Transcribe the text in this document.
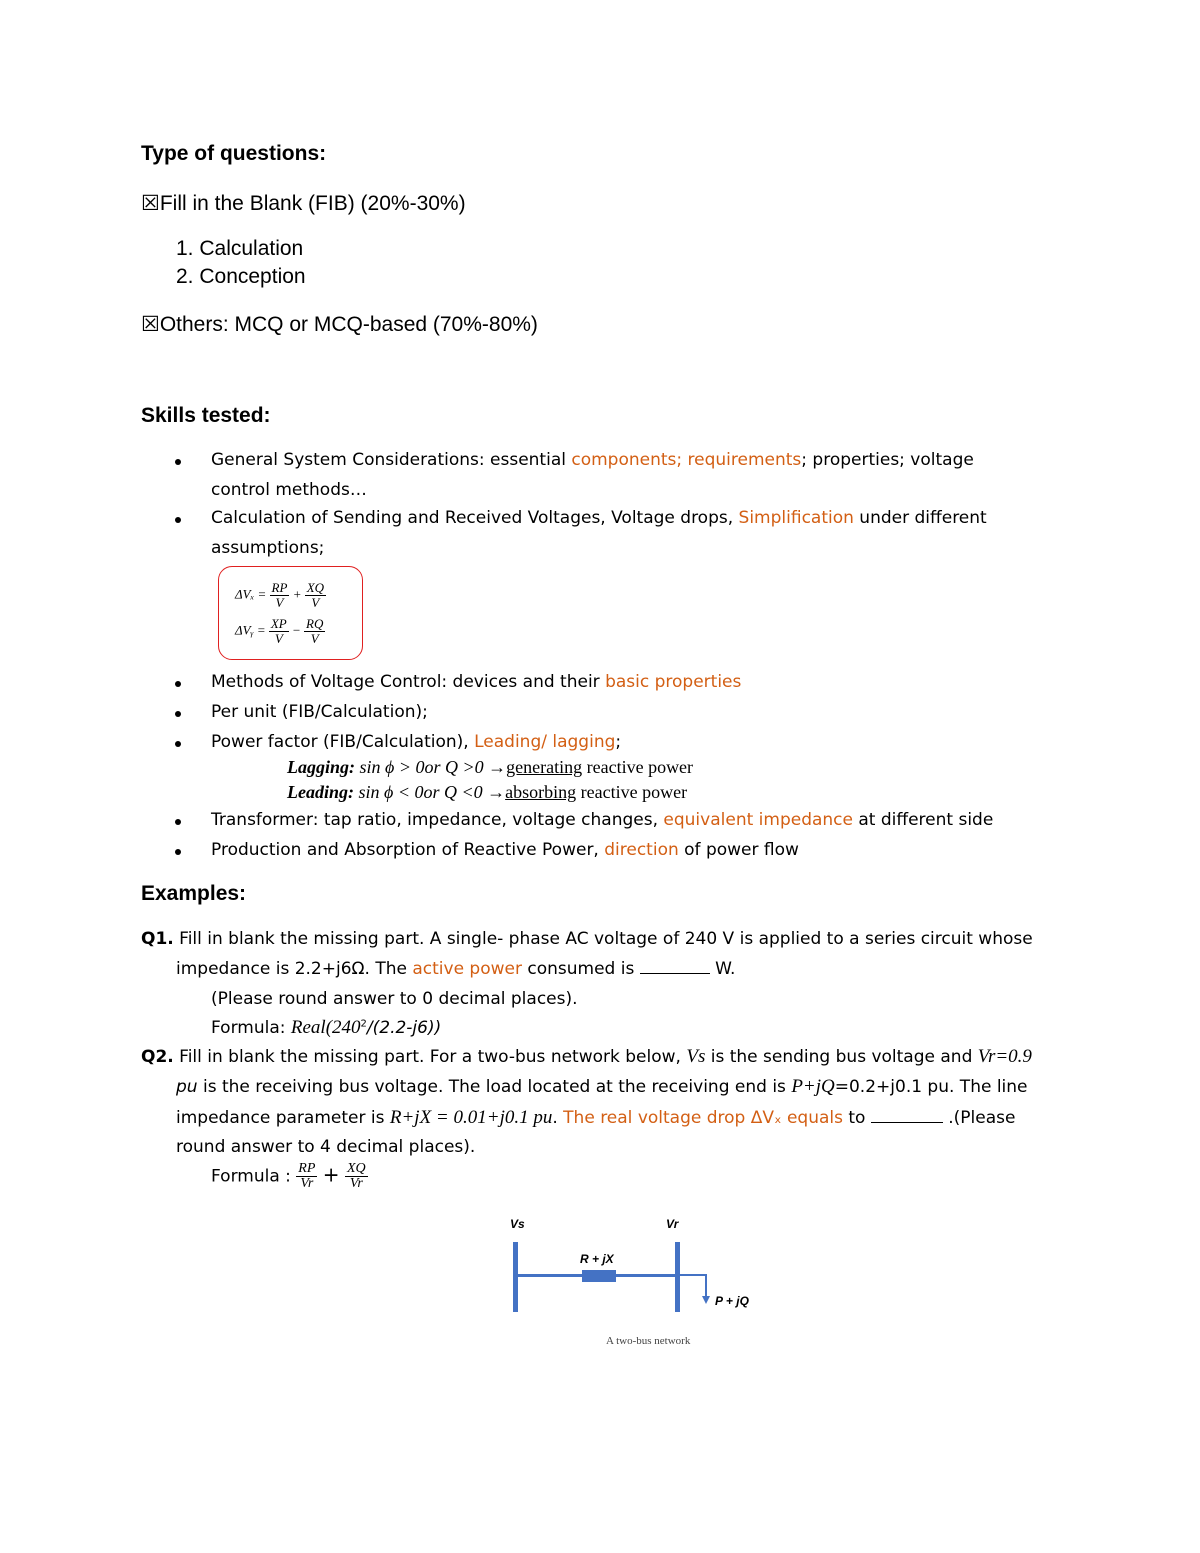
Type of questions:
☒Fill in the Blank (FIB) (20%-30%)
1. Calculation
2. Conception
☒Others: MCQ or MCQ-based (70%-80%)
Skills tested:
General System Considerations: essential components; requirements; properties; voltage
control methods…
Calculation of Sending and Received Voltages, Voltage drops, Simplification under different
assumptions;
$\Delta V_x = \frac{RP}{V} + \frac{XQ}{V}$
ΔVᵧ = $\frac{XP}{V} - \frac{RQ}{V}$
Methods of Voltage Control: devices and their basic properties
Per unit (FIB/Calculation);
Power factor (FIB/Calculation), Leading/ lagging;
Lagging: sin ϕ > 0or Q >0 →generating reactive power
Leading: sin ϕ < 0or Q <0 →absorbing reactive power
Transformer: tap ratio, impedance, voltage changes, equivalent impedance at different side
Production and Absorption of Reactive Power, direction of power flow
Examples:
Q1. Fill in blank the missing part. A single- phase AC voltage of 240 V is applied to a series circuit whose
impedance is 2.2+j6Ω. The active power consumed is	W.
(Please round answer to 0 decimal places).
Formula: $Real(240^2/(2.2-j6))$
Q2. Fill in blank the missing part. For a two-bus network below, Vs is the sending bus voltage and Vr=0.9
pu is the receiving bus voltage. The load located at the receiving end is P+jQ=0.2+j0.1 pu. The line
impedance parameter is R+jX = 0.01+j0.1 pu. The real voltage drop ΔVₓ equals to	.(Please
round answer to 4 decimal places).
Formula : $\frac{RP}{Vr} + \frac{XQ}{Vr}$
Vs	Vr
R + jX
P + jQ
A two-bus network
